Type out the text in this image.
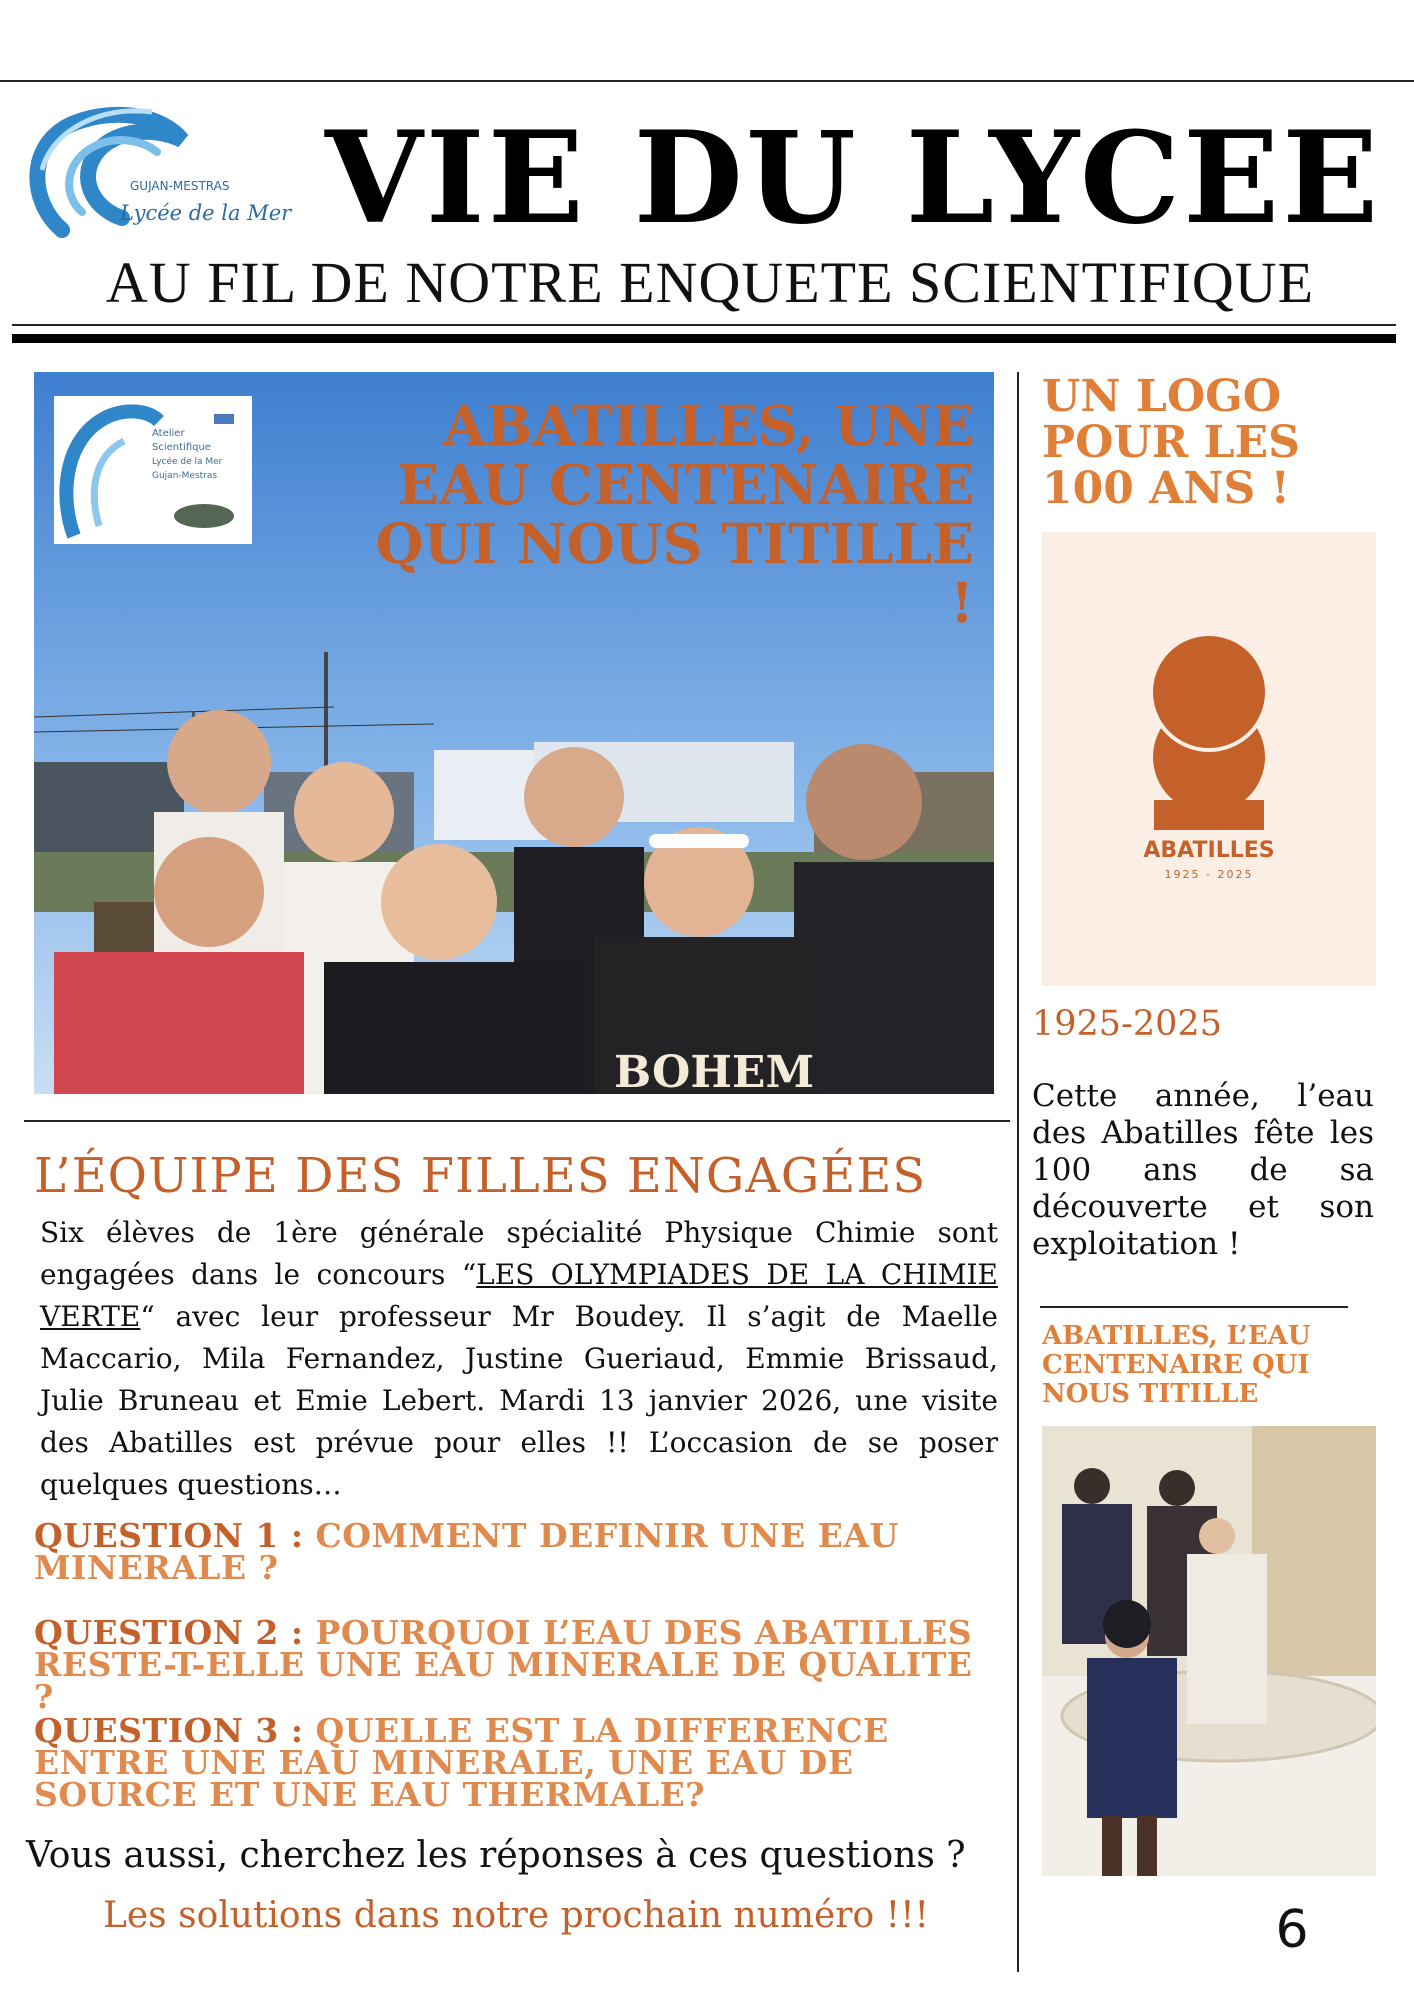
GUJAN-MESTRAS
Lycée de la Mer VIE DU LYCEE
AU FIL DE NOTRE ENQUETE SCIENTIFIQUE
BOHEM
Atelier
Scientifique
Lycée de la Mer
Gujan-Mestras
ABATILLES, UNE
EAU CENTENAIRE
QUI NOUS TITILLE !
L’ÉQUIPE DES FILLES ENGAGÉES
Six élèves de 1ère générale spécialité Physique Chimie sont engagées dans le concours “LES OLYMPIADES DE LA CHIMIE VERTE“ avec leur professeur Mr Boudey. Il s’agit de Maelle Maccario, Mila Fernandez, Justine Gueriaud, Emmie Brissaud, Julie Bruneau et Emie Lebert. Mardi 13 janvier 2026, une visite des Abatilles est prévue pour elles !! L’occasion de se poser quelques questions…
QUESTION 1 : COMMENT DEFINIR UNE EAU MINERALE ?
QUESTION 2 : POURQUOI L’EAU DES ABATILLES RESTE-T-ELLE UNE EAU MINERALE DE QUALITE ?
QUESTION 3 : QUELLE EST LA DIFFERENCE ENTRE UNE EAU MINERALE, UNE EAU DE SOURCE ET UNE EAU THERMALE?
Vous aussi, cherchez les réponses à ces questions ?
Les solutions dans notre prochain numéro !!!
UN LOGO POUR LES 100 ANS !
ABATILLES
1925 - 2025
1925-2025
Cette année, l’eau des Abatilles fête les 100 ans de sa découverte et son exploitation !
ABATILLES, L’EAU CENTENAIRE QUI NOUS TITILLE
6
